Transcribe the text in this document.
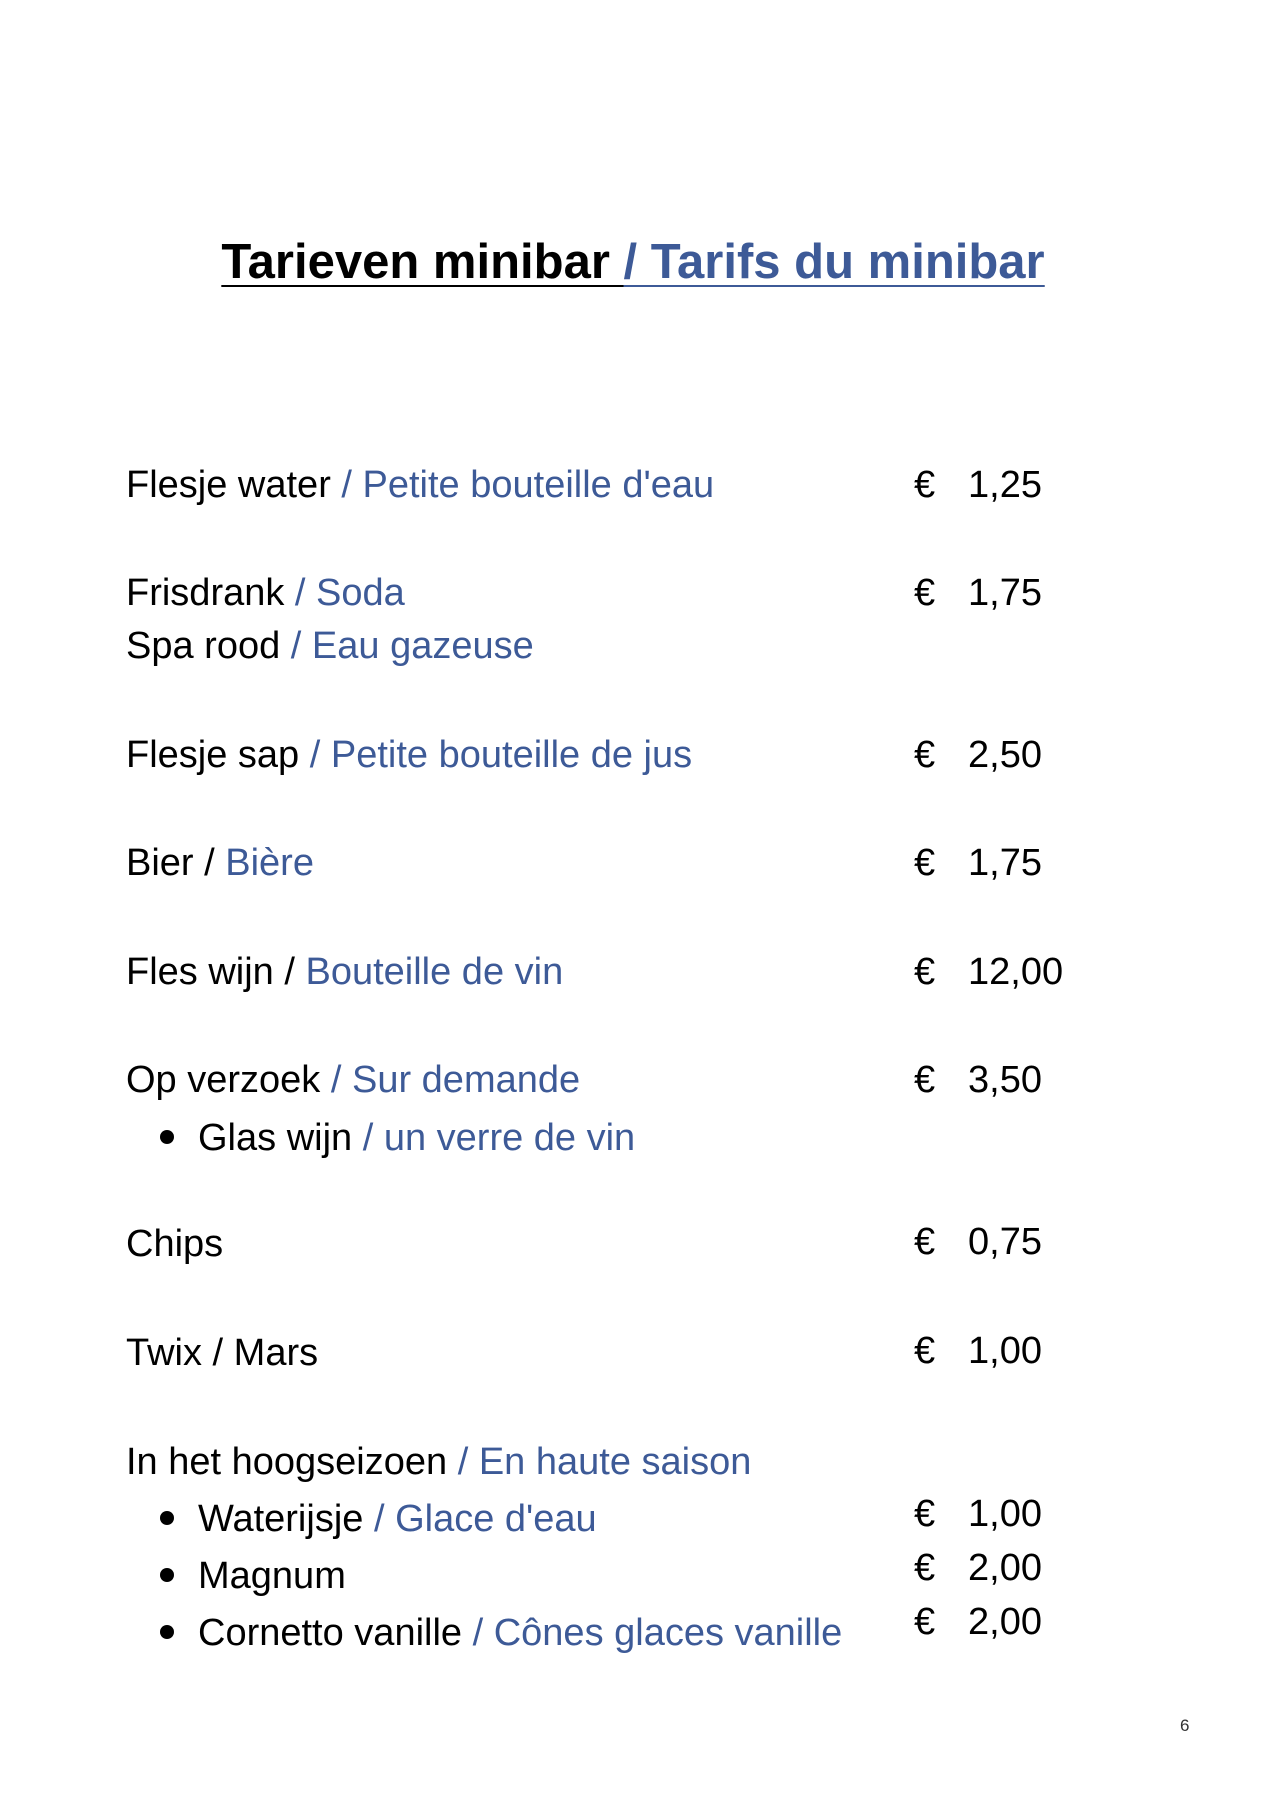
Tarieven minibar / Tarifs du minibar
Flesje water / Petite bouteille d'eau	€ 1,25
Frisdrank / Soda	€ 1,75
Spa rood / Eau gazeuse
Flesje sap / Petite bouteille de jus	€ 2,50
Bier / Bière	€ 1,75
Fles wijn / Bouteille de vin	€ 12,00
Op verzoek / Sur demande	€ 3,50
Glas wijn / un verre de vin
Chips	€ 0,75
Twix / Mars	€ 1,00
In het hoogseizoen / En haute saison
Waterijsje / Glace d'eau	€ 1,00
Magnum	€ 2,00
Cornetto vanille / Cônes glaces vanille € 2,00
6
